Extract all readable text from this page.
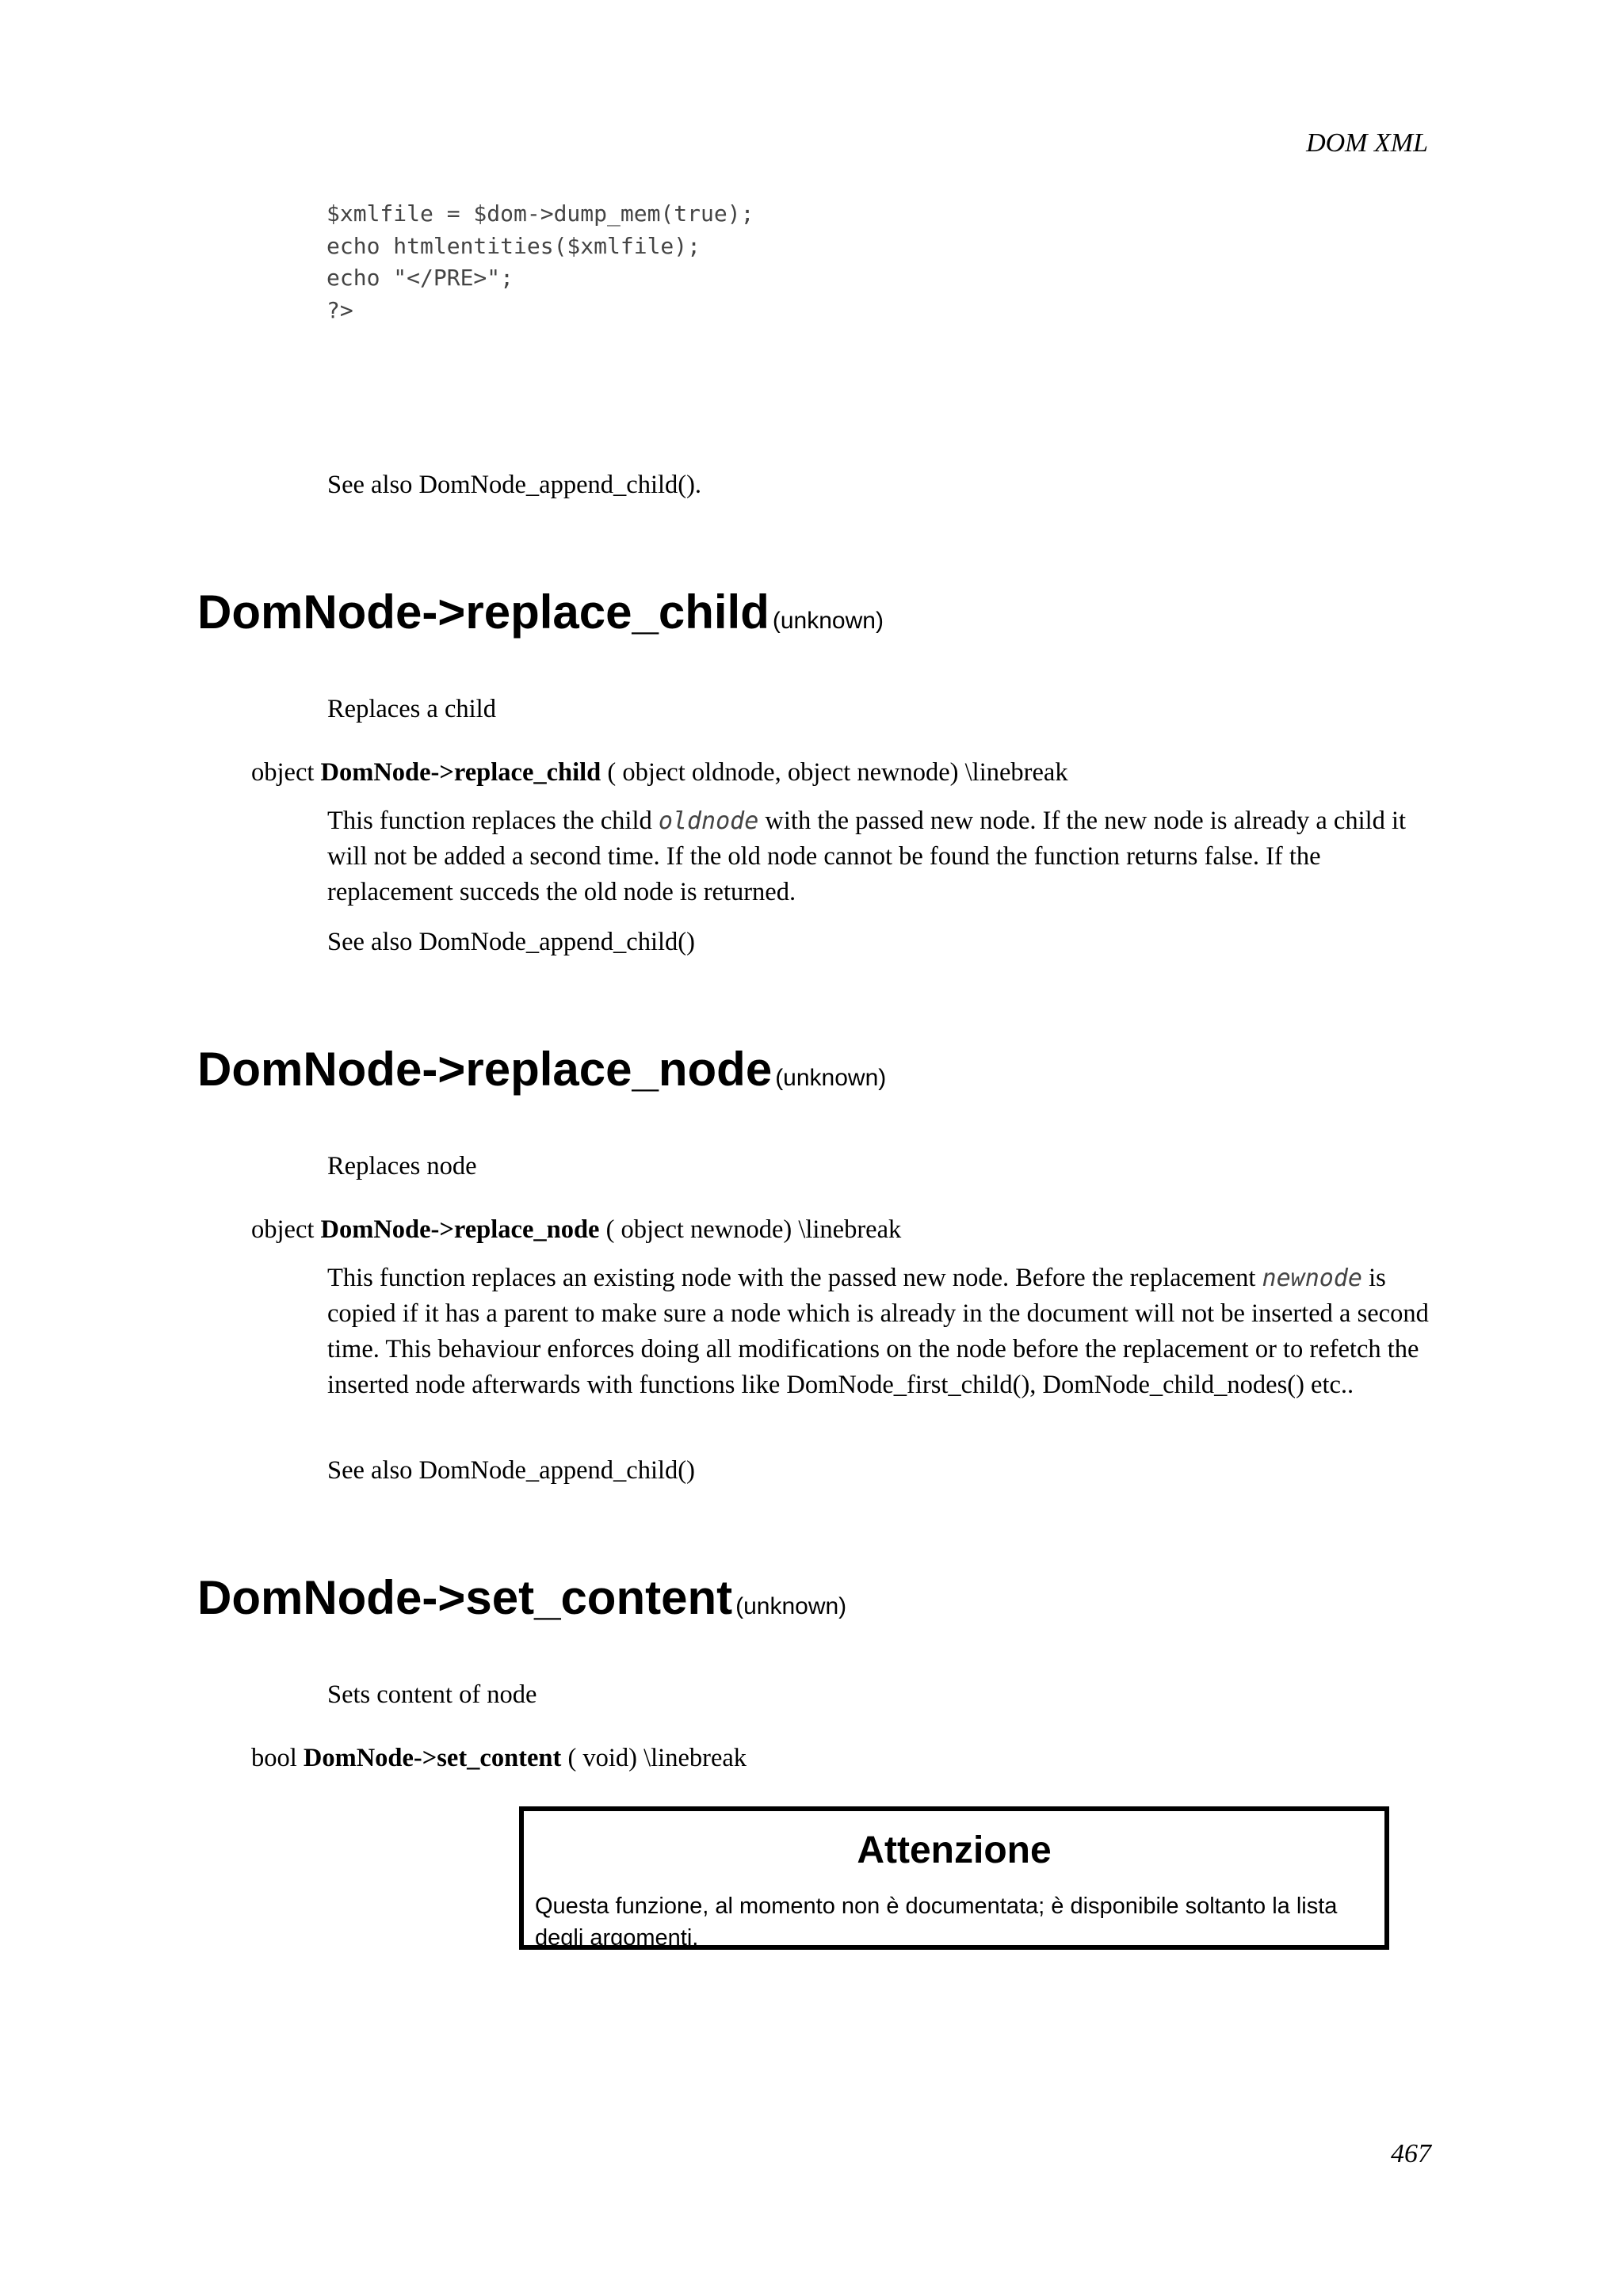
DOM XML
$xmlfile = $dom->dump_mem(true);
echo htmlentities($xmlfile);
echo "</PRE>";
?>
See also DomNode_append_child().
DomNode->replace_child (unknown)
Replaces a child
object DomNode->replace_child ( object oldnode, object newnode) \linebreak
This function replaces the child oldnode with the passed new node. If the new node is already a child it will not be added a second time. If the old node cannot be found the function returns false. If the replacement succeds the old node is returned.
See also DomNode_append_child()
DomNode->replace_node (unknown)
Replaces node
object DomNode->replace_node ( object newnode) \linebreak
This function replaces an existing node with the passed new node. Before the replacement newnode is copied if it has a parent to make sure a node which is already in the document will not be inserted a second time. This behaviour enforces doing all modifications on the node before the replacement or to refetch the inserted node afterwards with functions like DomNode_first_child(), DomNode_child_nodes() etc..
See also DomNode_append_child()
DomNode->set_content (unknown)
Sets content of node
bool DomNode->set_content ( void) \linebreak
Attenzione
Questa funzione, al momento non è documentata; è disponibile soltanto la lista degli argomenti.
467
